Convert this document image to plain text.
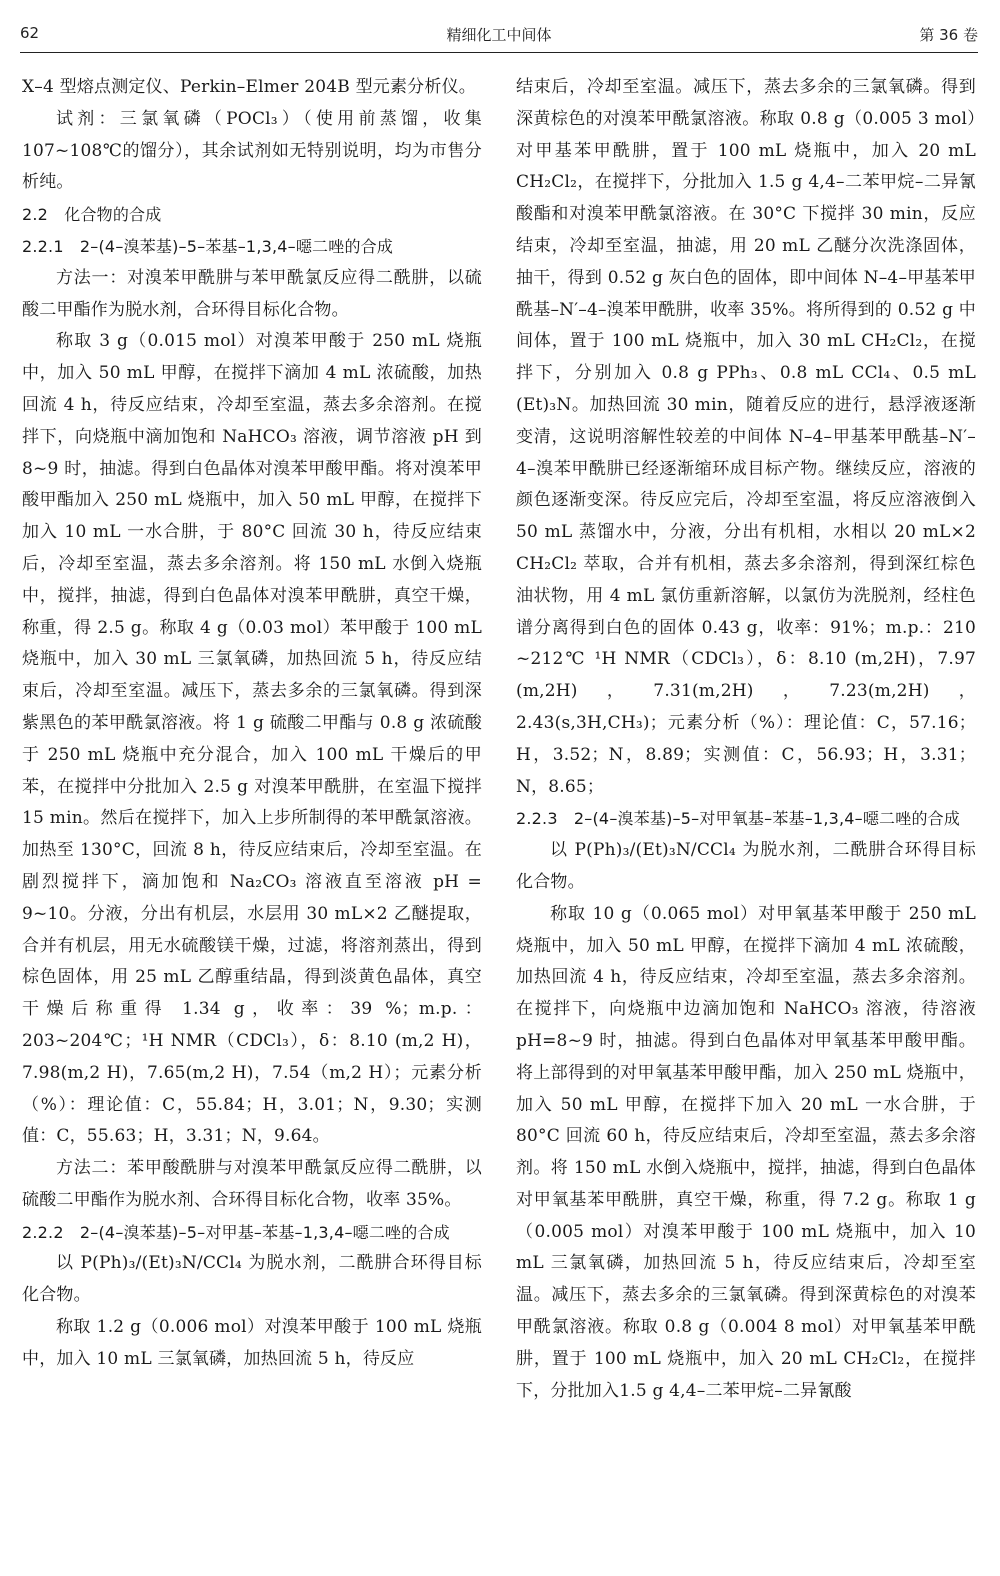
62	精细化工中间体	第 36 卷

X–4 型熔点测定仪、Perkin–Elmer 204B 型元素分析仪。

试剂：三氯氧磷（POCl₃）（使用前蒸馏，收集 107~108℃的馏分），其余试剂如无特别说明，均为市售分析纯。

2.2　化合物的合成

2.2.1　2–(4–溴苯基)–5–苯基–1,3,4–噁二唑的合成

方法一：对溴苯甲酰肼与苯甲酰氯反应得二酰肼，以硫酸二甲酯作为脱水剂，合环得目标化合物。

称取 3 g（0.015 mol）对溴苯甲酸于 250 mL 烧瓶中，加入 50 mL 甲醇，在搅拌下滴加 4 mL 浓硫酸，加热回流 4 h，待反应结束，冷却至室温，蒸去多余溶剂。在搅拌下，向烧瓶中滴加饱和 NaHCO₃ 溶液，调节溶液 pH 到 8~9 时，抽滤。得到白色晶体对溴苯甲酸甲酯。将对溴苯甲酸甲酯加入 250 mL 烧瓶中，加入 50 mL 甲醇，在搅拌下加入 10 mL 一水合肼，于 80°C 回流 30 h，待反应结束后，冷却至室温，蒸去多余溶剂。将 150 mL 水倒入烧瓶中，搅拌，抽滤，得到白色晶体对溴苯甲酰肼，真空干燥，称重，得 2.5 g。称取 4 g（0.03 mol）苯甲酸于 100 mL 烧瓶中，加入 30 mL 三氯氧磷，加热回流 5 h，待反应结束后，冷却至室温。减压下，蒸去多余的三氯氧磷。得到深紫黑色的苯甲酰氯溶液。将 1 g 硫酸二甲酯与 0.8 g 浓硫酸于 250 mL 烧瓶中充分混合，加入 100 mL 干燥后的甲苯，在搅拌中分批加入 2.5 g 对溴苯甲酰肼，在室温下搅拌 15 min。然后在搅拌下，加入上步所制得的苯甲酰氯溶液。加热至 130°C，回流 8 h，待反应结束后，冷却至室温。在剧烈搅拌下，滴加饱和 Na₂CO₃ 溶液直至溶液 pH = 9~10。分液，分出有机层，水层用 30 mL×2 乙醚提取，合并有机层，用无水硫酸镁干燥，过滤，将溶剂蒸出，得到棕色固体，用 25 mL 乙醇重结晶，得到淡黄色晶体，真空干燥后称重得 1.34 g，收率：39 %；m.p.：203~204℃；¹H NMR（CDCl₃），δ：8.10 (m,2 H)，7.98(m,2 H)，7.65(m,2 H)，7.54（m,2 H）；元素分析（%）：理论值：C，55.84；H，3.01；N，9.30；实测值：C，55.63；H，3.31；N，9.64。

方法二：苯甲酸酰肼与对溴苯甲酰氯反应得二酰肼，以硫酸二甲酯作为脱水剂、合环得目标化合物，收率 35%。

2.2.2　2–(4–溴苯基)–5–对甲基–苯基–1,3,4–噁二唑的合成

以 P(Ph)₃/(Et)₃N/CCl₄ 为脱水剂，二酰肼合环得目标化合物。

称取 1.2 g（0.006 mol）对溴苯甲酸于 100 mL 烧瓶中，加入 10 mL 三氯氧磷，加热回流 5 h，待反应

结束后，冷却至室温。减压下，蒸去多余的三氯氧磷。得到深黄棕色的对溴苯甲酰氯溶液。称取 0.8 g（0.005 3 mol）对甲基苯甲酰肼，置于 100 mL 烧瓶中，加入 20 mL CH₂Cl₂，在搅拌下，分批加入 1.5 g 4,4–二苯甲烷–二异氰酸酯和对溴苯甲酰氯溶液。在 30°C 下搅拌 30 min，反应结束，冷却至室温，抽滤，用 20 mL 乙醚分次洗涤固体，抽干，得到 0.52 g 灰白色的固体，即中间体 N–4–甲基苯甲酰基–N′–4–溴苯甲酰肼，收率 35%。将所得到的 0.52 g 中间体，置于 100 mL 烧瓶中，加入 30 mL CH₂Cl₂，在搅拌下，分别加入 0.8 g PPh₃、0.8 mL CCl₄、0.5 mL (Et)₃N。加热回流 30 min，随着反应的进行，悬浮液逐渐变清，这说明溶解性较差的中间体 N–4–甲基苯甲酰基–N′–4–溴苯甲酰肼已经逐渐缩环成目标产物。继续反应，溶液的颜色逐渐变深。待反应完后，冷却至室温，将反应溶液倒入 50 mL 蒸馏水中，分液，分出有机相，水相以 20 mL×2 CH₂Cl₂ 萃取，合并有机相，蒸去多余溶剂，得到深红棕色油状物，用 4 mL 氯仿重新溶解，以氯仿为洗脱剂，经柱色谱分离得到白色的固体 0.43 g，收率：91%；m.p.：210 ~212℃ ¹H NMR（CDCl₃），δ：8.10 (m,2H)，7.97 (m,2H)，7.31(m,2H)，7.23(m,2H)，2.43(s,3H,CH₃)；元素分析（%）：理论值：C，57.16；H，3.52；N，8.89；实测值：C，56.93；H，3.31；N，8.65；

2.2.3　2–(4–溴苯基)–5–对甲氧基–苯基–1,3,4–噁二唑的合成

以 P(Ph)₃/(Et)₃N/CCl₄ 为脱水剂，二酰肼合环得目标化合物。

称取 10 g（0.065 mol）对甲氧基苯甲酸于 250 mL 烧瓶中，加入 50 mL 甲醇，在搅拌下滴加 4 mL 浓硫酸，加热回流 4 h，待反应结束，冷却至室温，蒸去多余溶剂。在搅拌下，向烧瓶中边滴加饱和 NaHCO₃ 溶液，待溶液 pH=8~9 时，抽滤。得到白色晶体对甲氧基苯甲酸甲酯。将上部得到的对甲氧基苯甲酸甲酯，加入 250 mL 烧瓶中，加入 50 mL 甲醇，在搅拌下加入 20 mL 一水合肼，于 80°C 回流 60 h，待反应结束后，冷却至室温，蒸去多余溶剂。将 150 mL 水倒入烧瓶中，搅拌，抽滤，得到白色晶体对甲氧基苯甲酰肼，真空干燥，称重，得 7.2 g。称取 1 g（0.005 mol）对溴苯甲酸于 100 mL 烧瓶中，加入 10 mL 三氯氧磷，加热回流 5 h，待反应结束后，冷却至室温。减压下，蒸去多余的三氯氧磷。得到深黄棕色的对溴苯甲酰氯溶液。称取 0.8 g（0.004 8 mol）对甲氧基苯甲酰肼，置于 100 mL 烧瓶中，加入 20 mL CH₂Cl₂，在搅拌下，分批加入1.5 g 4,4–二苯甲烷–二异氰酸
